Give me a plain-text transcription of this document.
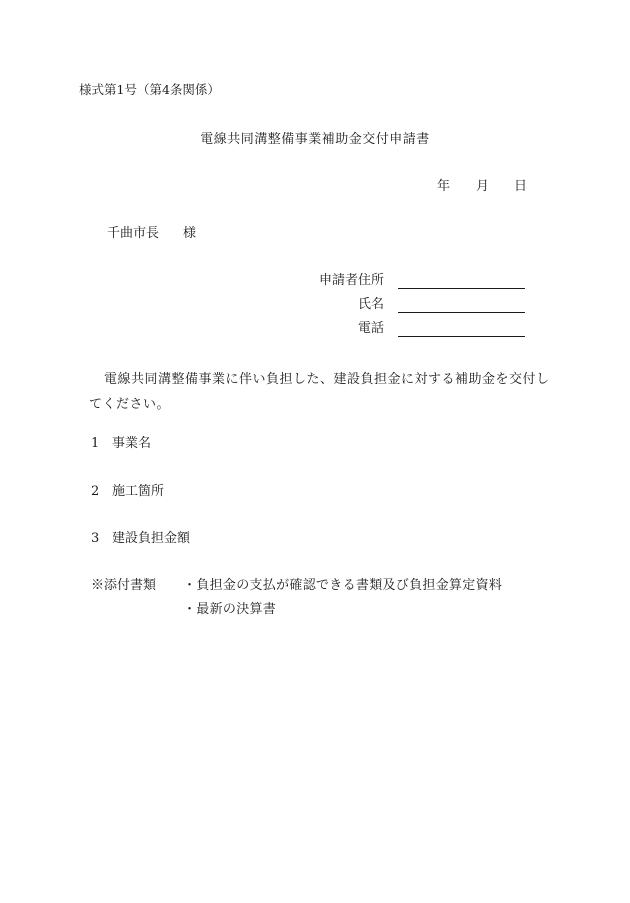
様式第1号（第4条関係）
電線共同溝整備事業補助金交付申請書
年 月 日
千曲市長 様
申請者住所
氏名
電話
電線共同溝整備事業に伴い負担した、建設負担金に対する補助金を交付してください。
1 事業名
2 施工箇所
3 建設負担金額
※添付書類 ・負担金の支払が確認できる書類及び負担金算定資料
・最新の決算書
